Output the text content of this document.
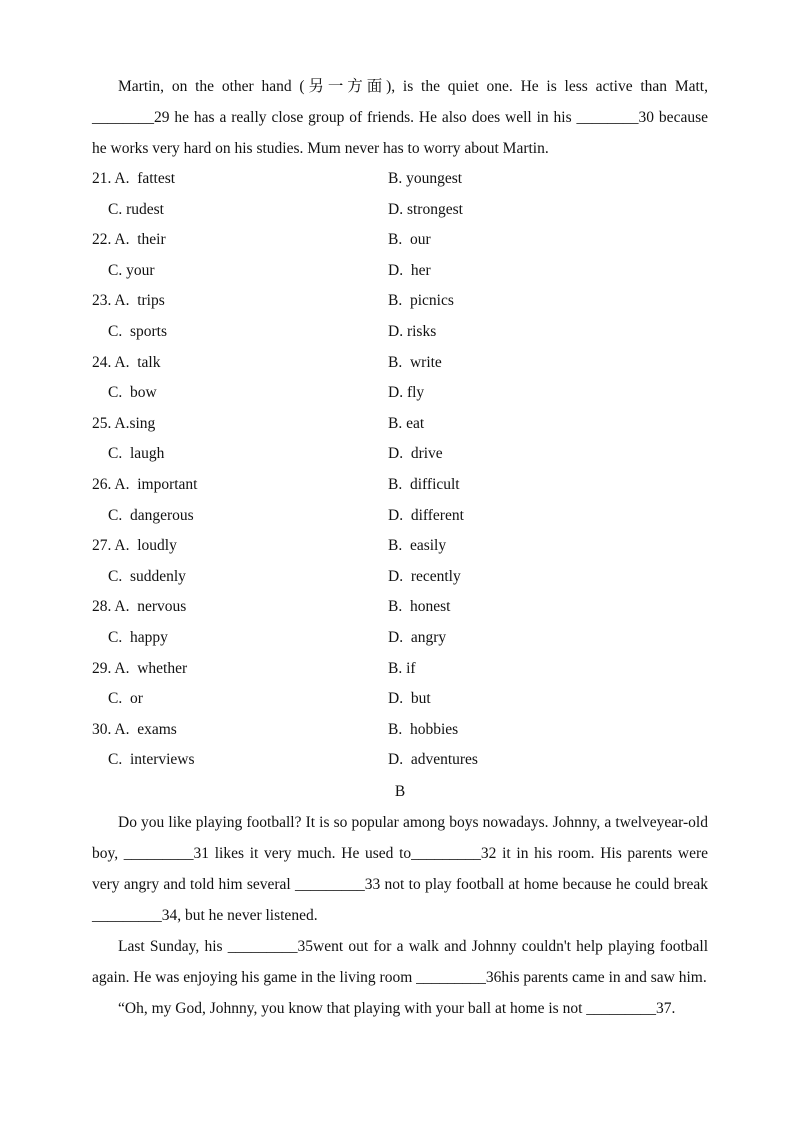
Martin, on the other hand (另一方面), is the quiet one. He is less active than Matt, ________29 he has a really close group of friends. He also does well in his ________30 because he works very hard on his studies. Mum never has to worry about Martin.

21. A.  fattest	B. youngest
C. rudest	D. strongest
22. A.  their	B.  our
C. your	D.  her
23. A.  trips	B.  picnics
C.  sports	D. risks
24. A.  talk	B.  write
C.  bow	D. fly
25. A.sing	B. eat
C.  laugh	D.  drive
26. A.  important	B.  difficult
C.  dangerous	D.  different
27. A.  loudly	B.  easily
C.  suddenly	D.  recently
28. A.  nervous	B.  honest
C.  happy	D.  angry
29. A.  whether	B. if
C.  or	D.  but
30. A.  exams	B.  hobbies
C.  interviews	D.  adventures

B

Do you like playing football? It is so popular among boys nowadays. Johnny, a twelveyear-old boy, _________31 likes it very much. He used to_________32 it in his room. His parents were very angry and told him several _________33 not to play football at home because he could break _________34, but he never listened.

Last Sunday, his _________35went out for a walk and Johnny couldn't help playing football again. He was enjoying his game in the living room _________36his parents came in and saw him.

“Oh, my God, Johnny, you know that playing with your ball at home is not _________37.
